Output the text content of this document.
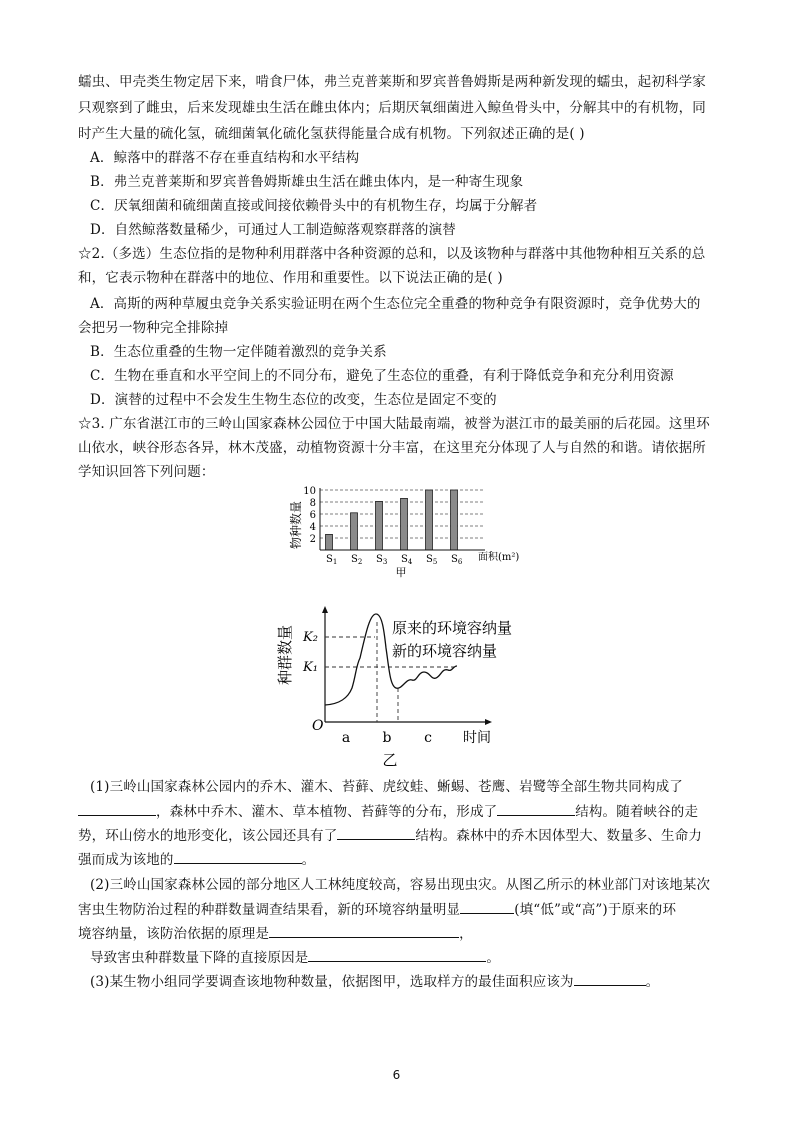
蠕虫、甲壳类生物定居下来，啃食尸体，弗兰克普莱斯和罗宾普鲁姆斯是两种新发现的蠕虫，起初科学家
只观察到了雌虫，后来发现雄虫生活在雌虫体内；后期厌氧细菌进入鲸鱼骨头中，分解其中的有机物，同
时产生大量的硫化氢，硫细菌氧化硫化氢获得能量合成有机物。下列叙述正确的是( )
A．鲸落中的群落不存在垂直结构和水平结构
B．弗兰克普莱斯和罗宾普鲁姆斯雄虫生活在雌虫体内，是一种寄生现象
C．厌氧细菌和硫细菌直接或间接依赖骨头中的有机物生存，均属于分解者
D．自然鲸落数量稀少，可通过人工制造鲸落观察群落的演替
☆2.（多选）生态位指的是物种利用群落中各种资源的总和，以及该物种与群落中其他物种相互关系的总
和，它表示物种在群落中的地位、作用和重要性。以下说法正确的是( )
A．高斯的两种草履虫竞争关系实验证明在两个生态位完全重叠的物种竞争有限资源时，竞争优势大的
会把另一物种完全排除掉
B．生态位重叠的生物一定伴随着激烈的竞争关系
C．生物在垂直和水平空间上的不同分布，避免了生态位的重叠，有利于降低竞争和充分利用资源
D．演替的过程中不会发生生物生态位的改变，生态位是固定不变的
☆3. 广东省湛江市的三岭山国家森林公园位于中国大陆最南端，被誉为湛江市的最美丽的后花园。这里环
山依水，峡谷形态各异，林木茂盛，动植物资源十分丰富，在这里充分体现了人与自然的和谐。请依据所
学知识回答下列问题：
物种数量 2
4
6
8
10
$S_1$ $S_2$ $S_3$ $S_4$ $S_5$ $S_6$ 面积(m²)
甲
种群数量
O
K₂
K₁
a b c 时间
原来的环境容纳量
新的环境容纳量
乙
(1)三岭山国家森林公园内的乔木、灌木、苔藓、虎纹蛙、蜥蜴、苍鹰、岩鹭等全部生物共同构成了
，森林中乔木、灌木、草本植物、苔藓等的分布，形成了	结构。随着峡谷的走
势，环山傍水的地形变化，该公园还具有了	结构。森林中的乔木因体型大、数量多、生命力
强而成为该地的	。
(2)三岭山国家森林公园的部分地区人工林纯度较高，容易出现虫灾。从图乙所示的林业部门对该地某次
害虫生物防治过程的种群数量调查结果看，新的环境容纳量明显	(填“低”或“高”)于原来的环
境容纳量，该防治依据的原理是	，
导致害虫种群数量下降的直接原因是	。
(3)某生物小组同学要调查该地物种数量，依据图甲，选取样方的最佳面积应该为	。
6
